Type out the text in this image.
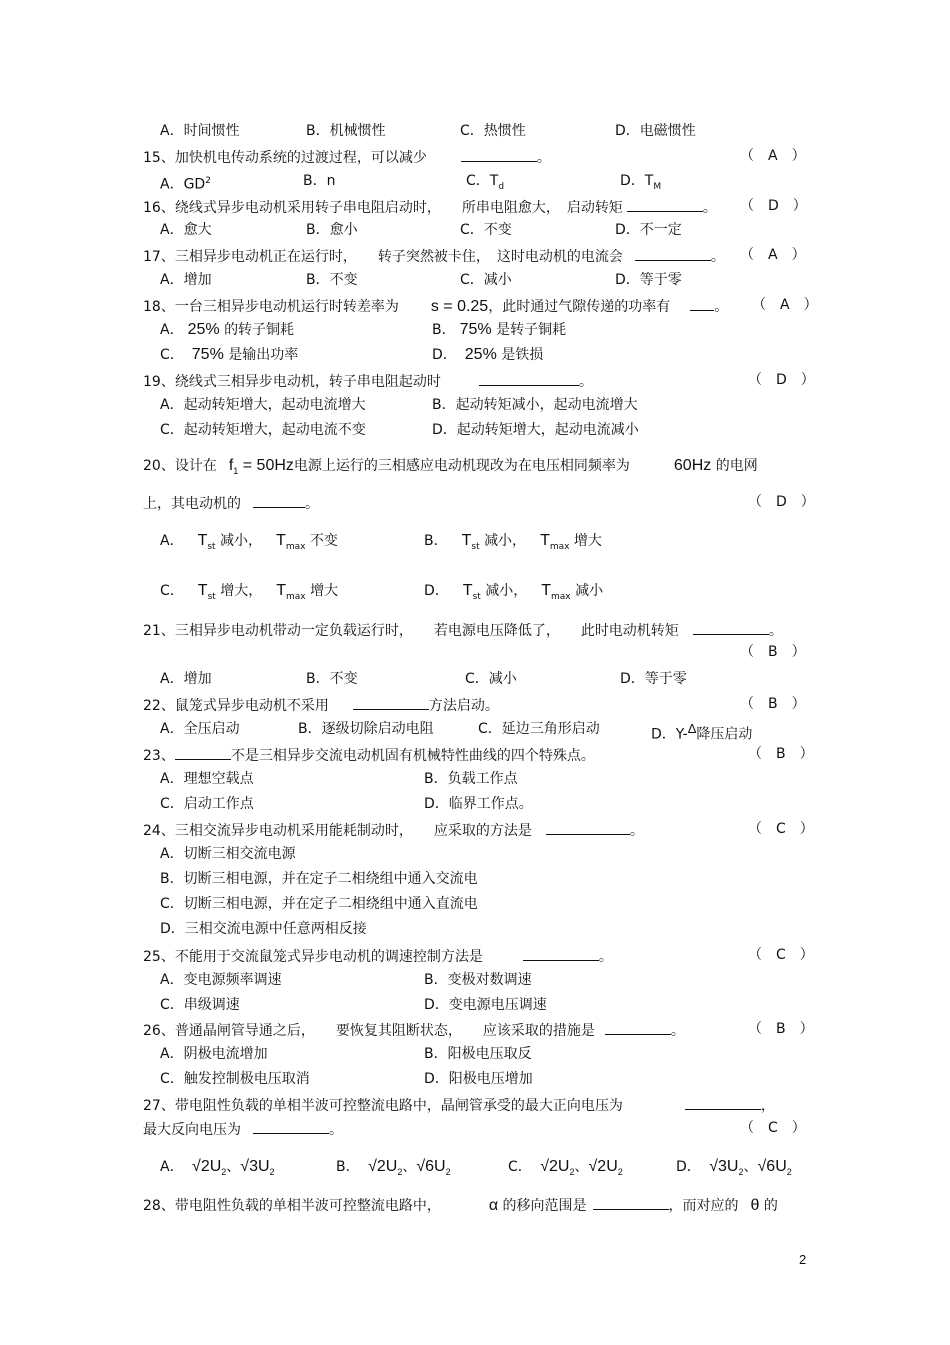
A．时间惯性	B．机械惯性	C．热惯性	D．电磁惯性
15、加快机电传动系统的过渡过程，可以减少	。	（　A　）
A．$GD^2$	B．n	C．$T_d$	D．$T_M$
16、绕线式异步电动机采用转子串电阻启动时，　　所串电阻愈大，　启动转矩	。 （　D　）
A．愈大	B．愈小	C．不变	D．不一定
17、三相异步电动机正在运行时，　　转子突然被卡住，　这时电动机的电流会	。 （　A　）
A．增加	B．不变	C．减小	D．等于零
18、一台三相异步电动机运行时转差率为 s = 0.25，此时通过气隙传递的功率有	。 （　A　）
A． 25% 的转子铜耗	B． 75% 是转子铜耗
C． 75% 是输出功率	D． 25% 是铁损
19、绕线式三相异步电动机，转子串电阻起动时	。	（　D　）
A．起动转矩增大，起动电流增大	B．起动转矩减小，起动电流增大
C．起动转矩增大，起动电流不变	D．起动转矩增大，起动电流减小
20、设计在 $f_1 = 50Hz$电源上运行的三相感应电动机现改为在电压相同频率为	60Hz 的电网
上，其电动机的	。	（　D　）
A． $T_{st}$ 减小， $T_{max}$ 不变	B． $T_{st}$ 减小， $T_{max}$ 增大
C． $T_{st}$ 增大， $T_{max}$ 增大	D． $T_{st}$ 减小， $T_{max}$ 减小
21、三相异步电动机带动一定负载运行时，　　若电源电压降低了，　　此时电动机转矩	。
（　B　）
A．增加	B．不变	C．减小	D．等于零
22、鼠笼式异步电动机不采用	方法启动。	（　B　）
A．全压启动	B．逐级切除启动电阻	C．延边三角形启动	D．Y-$^\Delta$降压启动
23、	不是三相异步交流电动机固有机械特性曲线的四个特殊点。	（　B　）
A．理想空载点	B．负载工作点
C．启动工作点	D．临界工作点。
24、三相交流异步电动机采用能耗制动时，　　应采取的方法是	。	（　C　）
A．切断三相交流电源
B．切断三相电源，并在定子二相绕组中通入交流电
C．切断三相电源，并在定子二相绕组中通入直流电
D．三相交流电源中任意两相反接
25、不能用于交流鼠笼式异步电动机的调速控制方法是	。	（　C　）
A．变电源频率调速	B．变极对数调速
C．串级调速	D．变电源电压调速
26、普通晶闸管导通之后，　　要恢复其阻断状态，　　应该采取的措施是	。	（　B　）
A．阴极电流增加	B．阳极电压取反
C．触发控制极电压取消	D．阳极电压增加
27、带电阻性负载的单相半波可控整流电路中，晶闸管承受的最大正向电压为	，
最大反向电压为	。	（　C　）
A． $√2U_2$、$√3U_2$	B． $√2U_2$、$√6U_2$	C． $√2U_2$、$√2U_2$	D． $√3U_2$、$√6U_2$
28、带电阻性负载的单相半波可控整流电路中，	α 的移向范围是	，而对应的 θ 的
2
